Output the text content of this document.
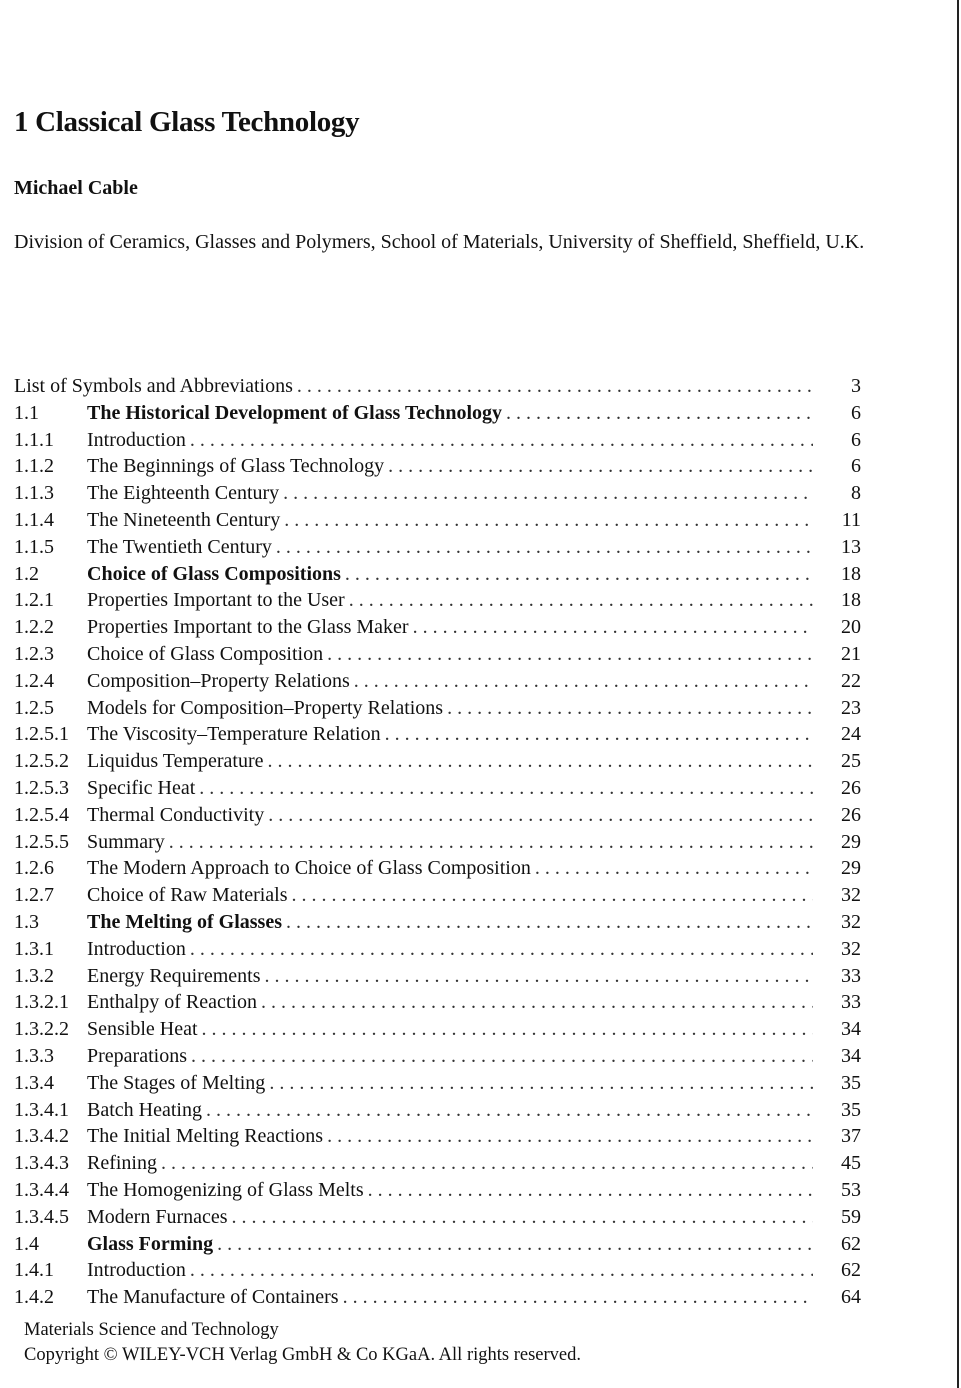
1 Classical Glass Technology

Michael Cable

Division of Ceramics, Glasses and Polymers, School of Materials, University of Sheffield, Sheffield, U.K.

List of Symbols and Abbreviations . . .	3
1.1	The Historical Development of Glass Technology . . .	6
1.1.1	Introduction . . .	6
1.1.2	The Beginnings of Glass Technology . . .	6
1.1.3	The Eighteenth Century . . .	8
1.1.4	The Nineteenth Century . . .	11
1.1.5	The Twentieth Century . . .	13
1.2	Choice of Glass Compositions . . .	18
1.2.1	Properties Important to the User . . .	18
1.2.2	Properties Important to the Glass Maker . . .	20
1.2.3	Choice of Glass Composition . . .	21
1.2.4	Composition–Property Relations . . .	22
1.2.5	Models for Composition–Property Relations . . .	23
1.2.5.1 The Viscosity–Temperature Relation . . .	24
1.2.5.2 Liquidus Temperature . . .	25
1.2.5.3 Specific Heat . . .	26
1.2.5.4 Thermal Conductivity . . .	26
1.2.5.5 Summary . . .	29
1.2.6	The Modern Approach to Choice of Glass Composition . . .	29
1.2.7	Choice of Raw Materials . . .	32
1.3	The Melting of Glasses . . .	32
1.3.1	Introduction . . .	32
1.3.2	Energy Requirements . . .	33
1.3.2.1 Enthalpy of Reaction . . .	33
1.3.2.2 Sensible Heat . . .	34
1.3.3	Preparations . . .	34
1.3.4	The Stages of Melting . . .	35
1.3.4.1 Batch Heating . . .	35
1.3.4.2 The Initial Melting Reactions . . .	37
1.3.4.3 Refining . . .	45
1.3.4.4 The Homogenizing of Glass Melts . . .	53
1.3.4.5 Modern Furnaces . . .	59
1.4	Glass Forming . . .	62
1.4.1	Introduction . . .	62
1.4.2	The Manufacture of Containers . . .	64
Materials Science and Technology
Copyright © WILEY-VCH Verlag GmbH & Co KGaA. All rights reserved.
